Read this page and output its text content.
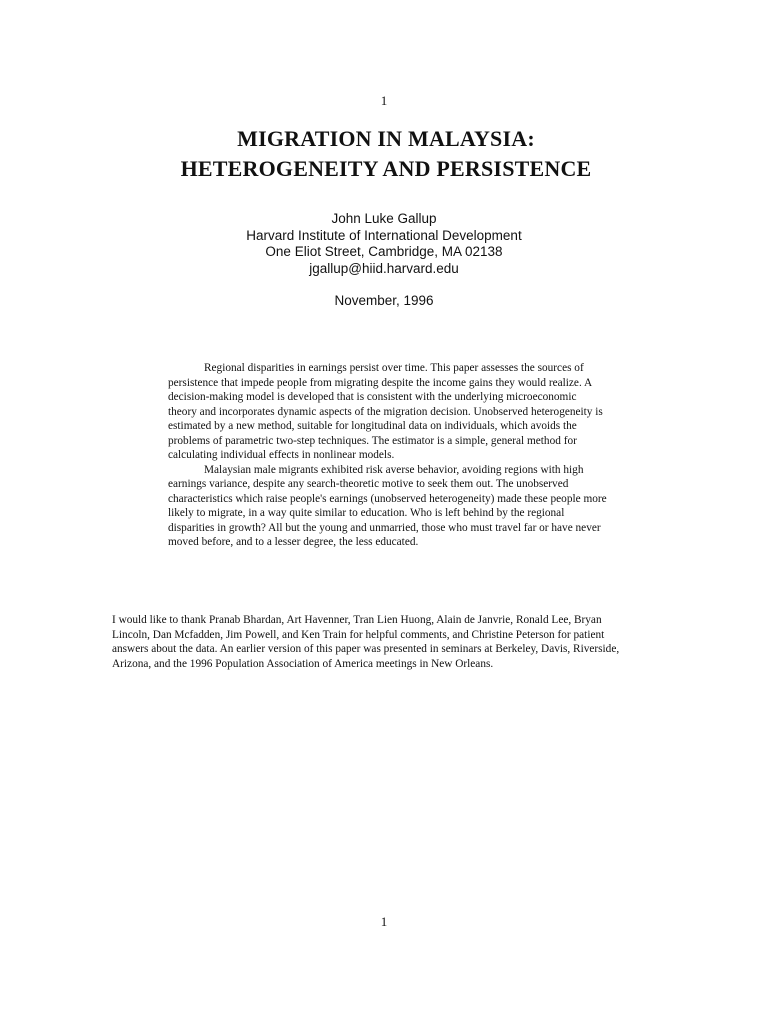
1
MIGRATION IN MALAYSIA:
HETEROGENEITY AND PERSISTENCE
John Luke Gallup
Harvard Institute of International Development
One Eliot Street, Cambridge, MA 02138
jgallup@hiid.harvard.edu
November, 1996

Regional disparities in earnings persist over time. This paper assesses the sources of persistence that impede people from migrating despite the income gains they would realize. A decision-making model is developed that is consistent with the underlying microeconomic theory and incorporates dynamic aspects of the migration decision. Unobserved heterogeneity is estimated by a new method, suitable for longitudinal data on individuals, which avoids the problems of parametric two-step techniques. The estimator is a simple, general method for calculating individual effects in nonlinear models.

Malaysian male migrants exhibited risk averse behavior, avoiding regions with high earnings variance, despite any search-theoretic motive to seek them out. The unobserved characteristics which raise people's earnings (unobserved heterogeneity) made these people more likely to migrate, in a way quite similar to education. Who is left behind by the regional disparities in growth? All but the young and unmarried, those who must travel far or have never moved before, and to a lesser degree, the less educated.

I would like to thank Pranab Bhardan, Art Havenner, Tran Lien Huong, Alain de Janvrie, Ronald Lee, Bryan Lincoln, Dan Mcfadden, Jim Powell, and Ken Train for helpful comments, and Christine Peterson for patient answers about the data. An earlier version of this paper was presented in seminars at Berkeley, Davis, Riverside, Arizona, and the 1996 Population Association of America meetings in New Orleans.

1
